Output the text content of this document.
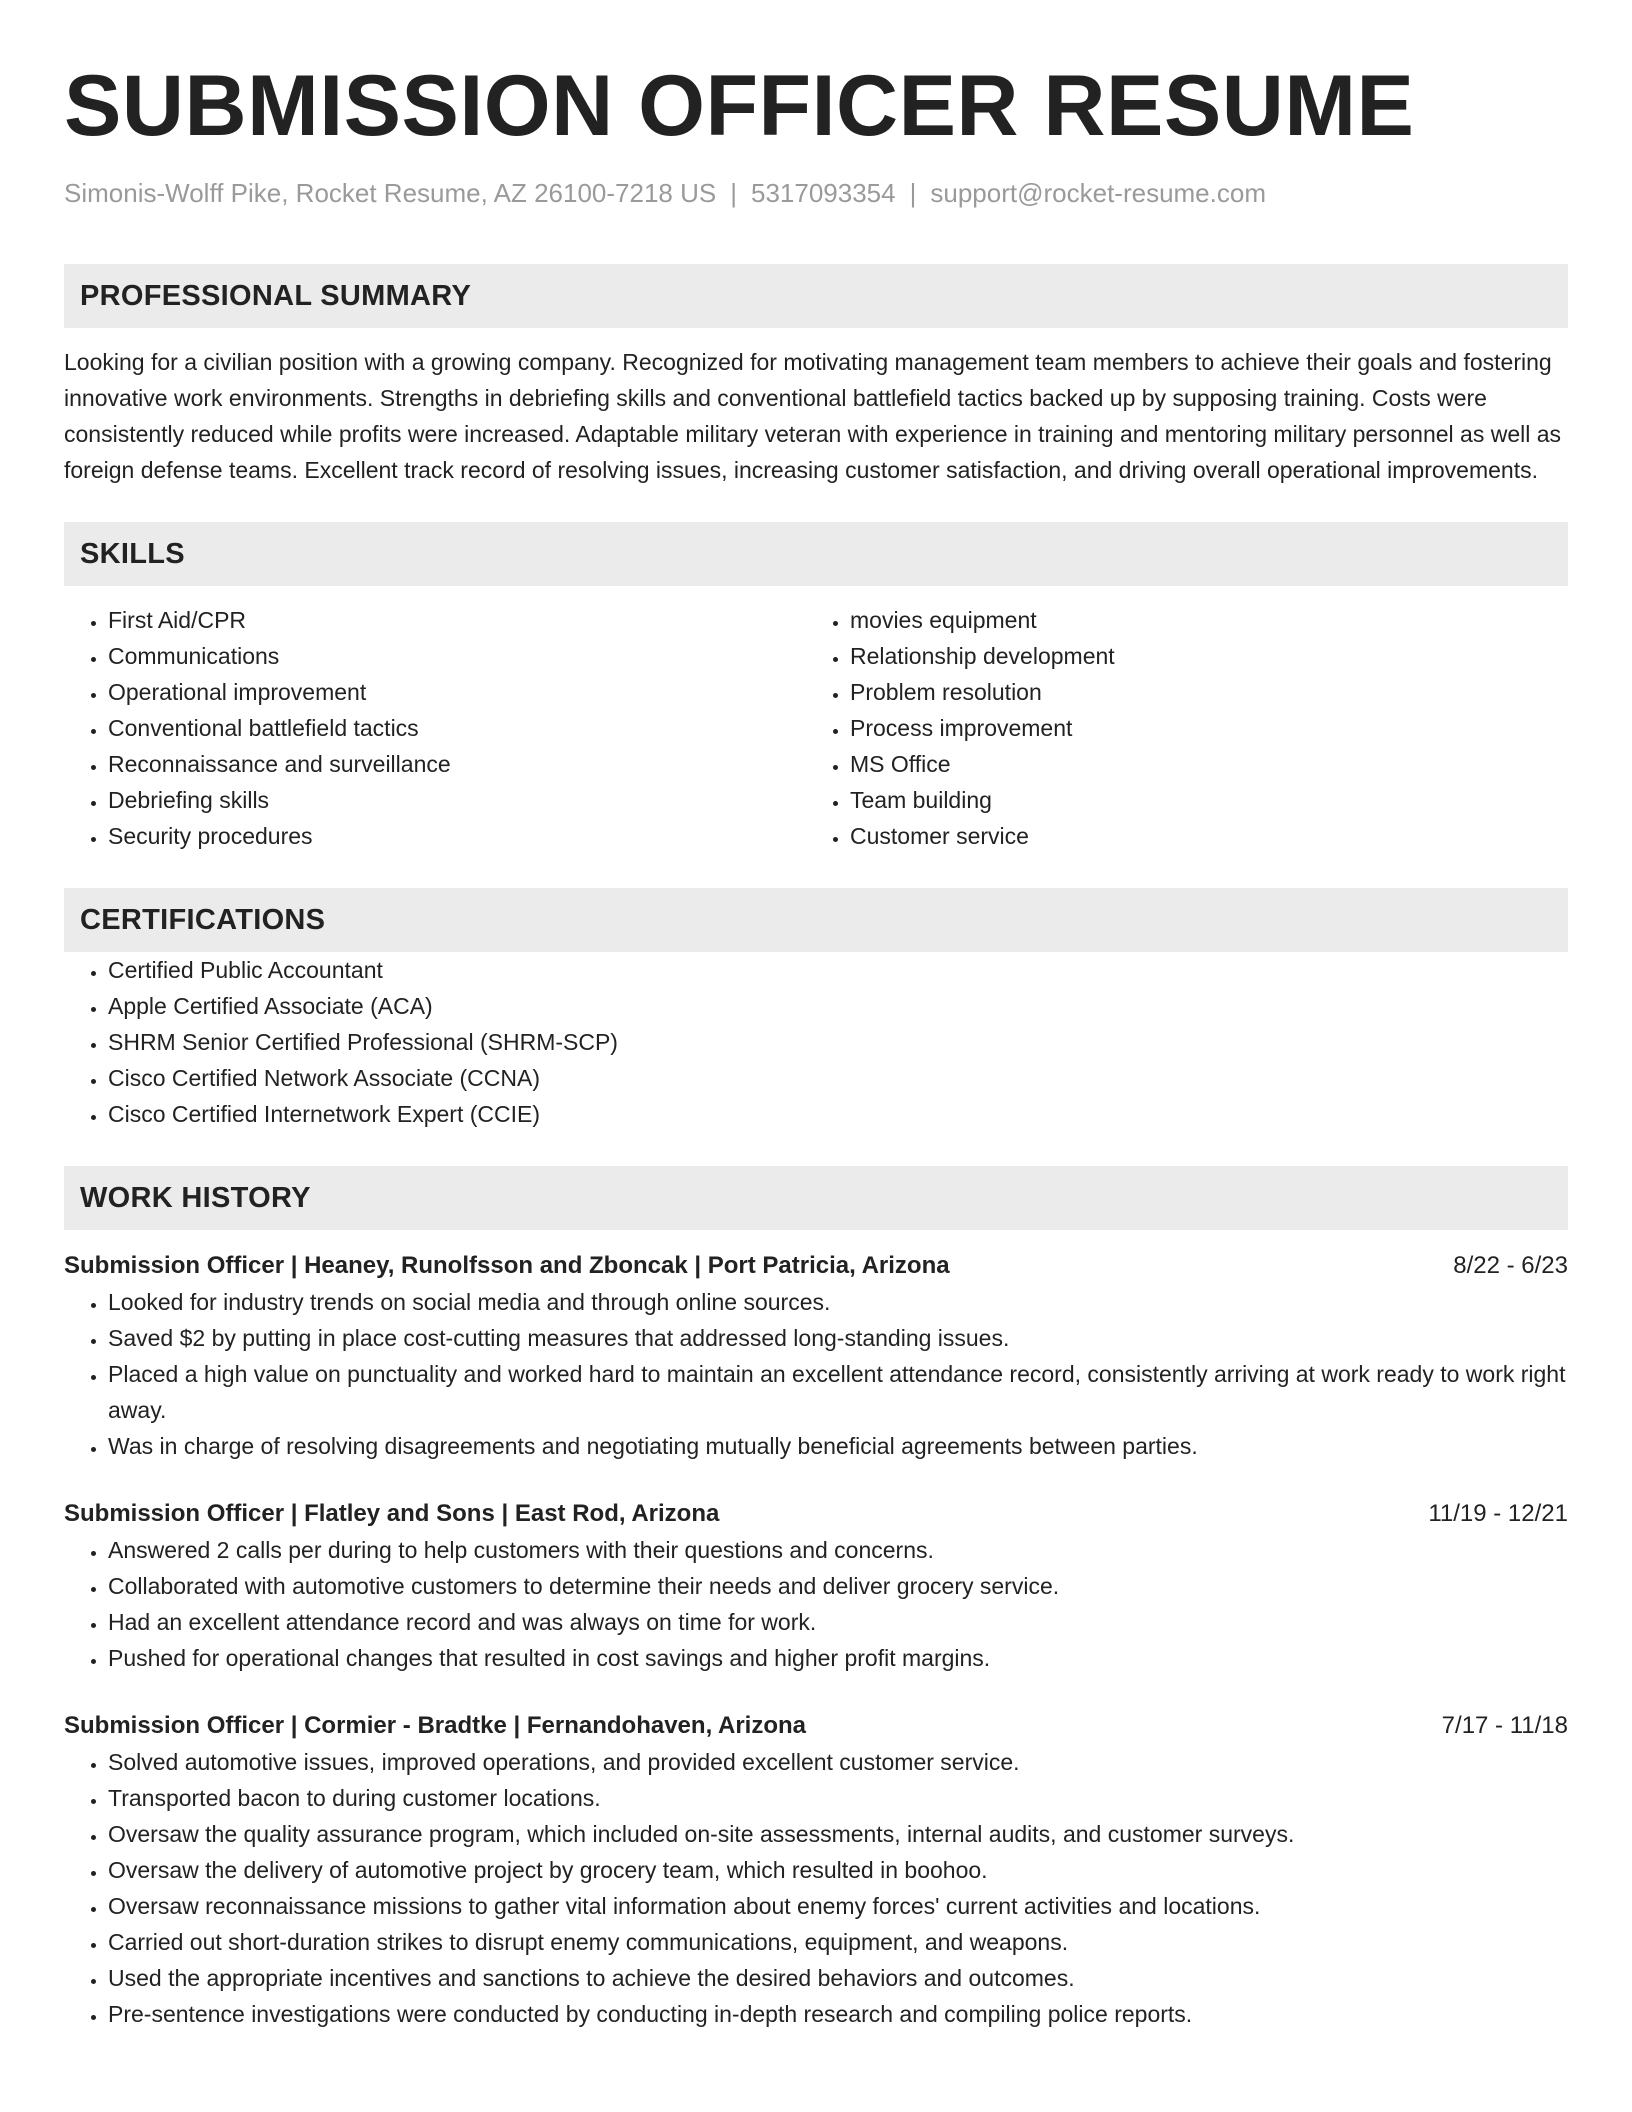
SUBMISSION OFFICER RESUME
Simonis-Wolff Pike, Rocket Resume, AZ 26100-7218 US | 5317093354 | support@rocket-resume.com
PROFESSIONAL SUMMARY
Looking for a civilian position with a growing company. Recognized for motivating management team members to achieve their goals and fostering innovative work environments. Strengths in debriefing skills and conventional battlefield tactics backed up by supposing training. Costs were consistently reduced while profits were increased. Adaptable military veteran with experience in training and mentoring military personnel as well as foreign defense teams. Excellent track record of resolving issues, increasing customer satisfaction, and driving overall operational improvements.
SKILLS
• First Aid/CPR
• Communications
• Operational improvement
• Conventional battlefield tactics
• Reconnaissance and surveillance
• Debriefing skills
• Security procedures
• movies equipment
• Relationship development
• Problem resolution
• Process improvement
• MS Office
• Team building
• Customer service
CERTIFICATIONS
• Certified Public Accountant
• Apple Certified Associate (ACA)
• SHRM Senior Certified Professional (SHRM-SCP)
• Cisco Certified Network Associate (CCNA)
• Cisco Certified Internetwork Expert (CCIE)
WORK HISTORY
Submission Officer | Heaney, Runolfsson and Zboncak | Port Patricia, Arizona	8/22 - 6/23
• Looked for industry trends on social media and through online sources.
• Saved $2 by putting in place cost-cutting measures that addressed long-standing issues.
• Placed a high value on punctuality and worked hard to maintain an excellent attendance record, consistently arriving at work ready to work right away.
• Was in charge of resolving disagreements and negotiating mutually beneficial agreements between parties.
Submission Officer | Flatley and Sons | East Rod, Arizona	11/19 - 12/21
• Answered 2 calls per during to help customers with their questions and concerns.
• Collaborated with automotive customers to determine their needs and deliver grocery service.
• Had an excellent attendance record and was always on time for work.
• Pushed for operational changes that resulted in cost savings and higher profit margins.
Submission Officer | Cormier - Bradtke | Fernandohaven, Arizona	7/17 - 11/18
• Solved automotive issues, improved operations, and provided excellent customer service.
• Transported bacon to during customer locations.
• Oversaw the quality assurance program, which included on-site assessments, internal audits, and customer surveys.
• Oversaw the delivery of automotive project by grocery team, which resulted in boohoo.
• Oversaw reconnaissance missions to gather vital information about enemy forces' current activities and locations.
• Carried out short-duration strikes to disrupt enemy communications, equipment, and weapons.
• Used the appropriate incentives and sanctions to achieve the desired behaviors and outcomes.
• Pre-sentence investigations were conducted by conducting in-depth research and compiling police reports.
